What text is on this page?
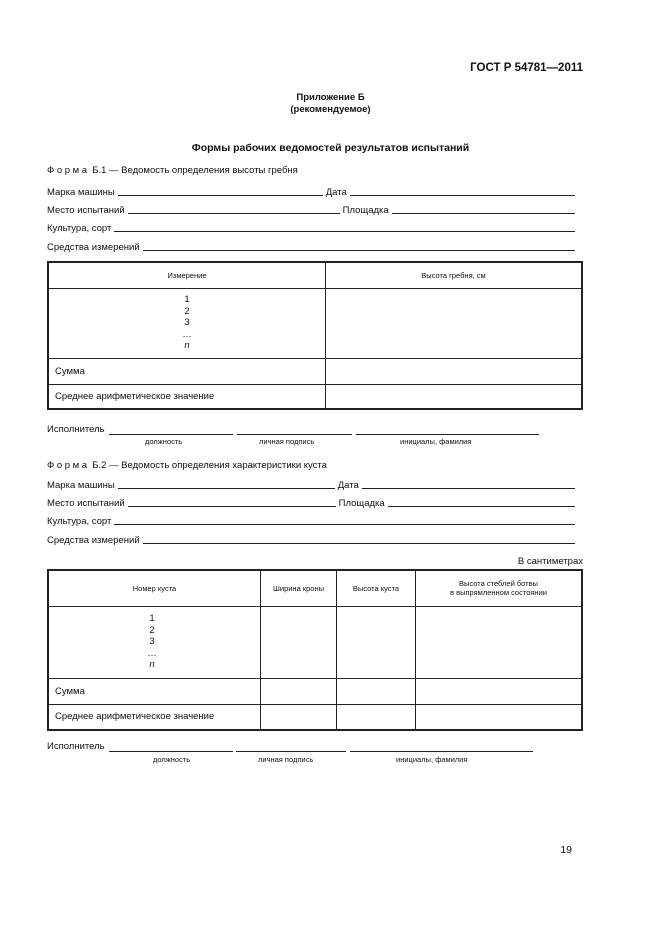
ГОСТ Р 54781—2011
Приложение Б
(рекомендуемое)
Формы рабочих ведомостей результатов испытаний
Форма Б.1 — Ведомость определения высоты гребня
Марка машины	Дата
Место испытаний	Площадка
Культура, сорт
Средства измерений
Измерение	Высота гребня, см

1
2
3
…
n	

Сумма	
Среднее арифметическое значение	
Исполнитель
должность	личная подпись	инициалы, фамилия
Форма Б.2 — Ведомость определения характеристики куста
Марка машины	Дата
Место испытаний	Площадка
Культура, сорт
Средства измерений
В сантиметрах
Номер куста	Ширина кроны	Высота куста	Высота стеблей ботвы
в выпрямленном состоянии

1
2
3
…
n			

Сумма			
Среднее арифметическое значение			
Исполнитель
должность	личная подпись	инициалы, фамилия
19
